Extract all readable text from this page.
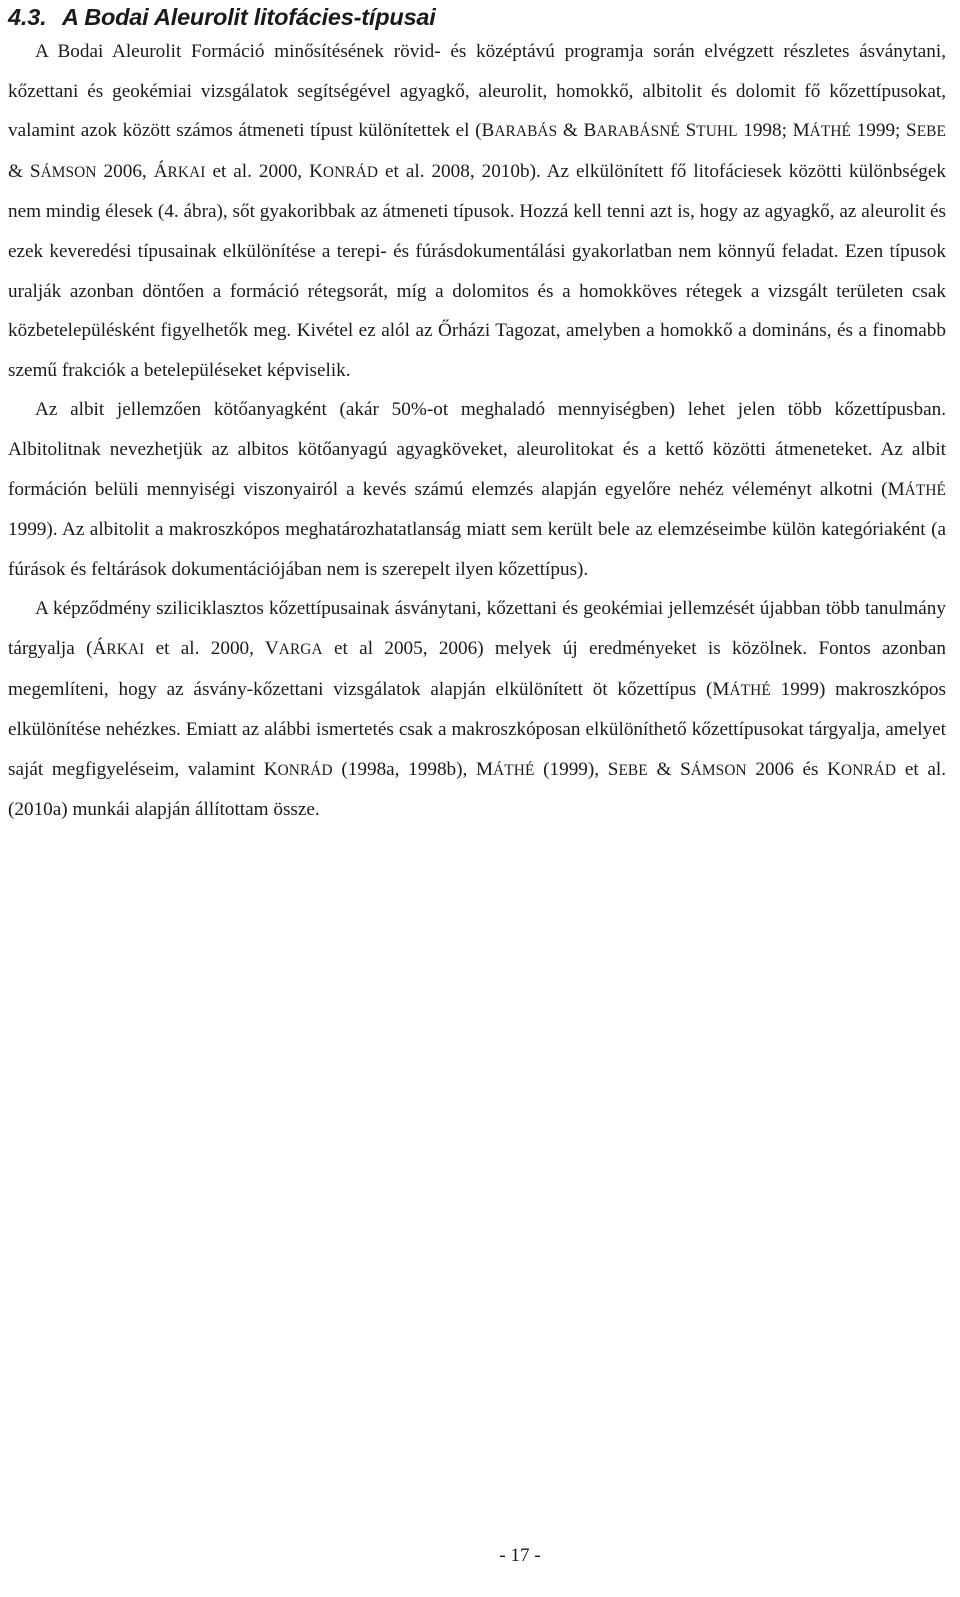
4.3. A Bodai Aleurolit litofácies-típusai

A Bodai Aleurolit Formáció minősítésének rövid- és középtávú programja során elvégzett részletes ásványtani, kőzettani és geokémiai vizsgálatok segítségével agyagkő, aleurolit, homokkő, albitolit és dolomit fő kőzettípusokat, valamint azok között számos átmeneti típust különítettek el (BARABÁS & BARABÁSNÉ STUHL 1998; MÁTHÉ 1999; SEBE & SÁMSON 2006, ÁRKAI et al. 2000, KONRÁD et al. 2008, 2010b). Az elkülönített fő litofáciesek közötti különbségek nem mindig élesek (4. ábra), sőt gyakoribbak az átmeneti típusok. Hozzá kell tenni azt is, hogy az agyagkő, az aleurolit és ezek keveredési típusainak elkülönítése a terepi- és fúrásdokumentálási gyakorlatban nem könnyű feladat. Ezen típusok uralják azonban döntően a formáció rétegsorát, míg a dolomitos és a homokköves rétegek a vizsgált területen csak közbetelepülésként figyelhetők meg. Kivétel ez alól az Őrházi Tagozat, amelyben a homokkő a domináns, és a finomabb szemű frakciók a betelepüléseket képviselik.

Az albit jellemzően kötőanyagként (akár 50%-ot meghaladó mennyiségben) lehet jelen több kőzettípusban. Albitolitnak nevezhetjük az albitos kötőanyagú agyagköveket, aleurolitokat és a kettő közötti átmeneteket. Az albit formáción belüli mennyiségi viszonyairól a kevés számú elemzés alapján egyelőre nehéz véleményt alkotni (MÁTHÉ 1999). Az albitolit a makroszkópos meghatározhatatlanság miatt sem került bele az elemzéseimbe külön kategóriaként (a fúrások és feltárások dokumentációjában nem is szerepelt ilyen kőzettípus).

A képződmény sziliciklasztos kőzettípusainak ásványtani, kőzettani és geokémiai jellemzését újabban több tanulmány tárgyalja (ÁRKAI et al. 2000, VARGA et al 2005, 2006) melyek új eredményeket is közölnek. Fontos azonban megemlíteni, hogy az ásvány-kőzettani vizsgálatok alapján elkülönített öt kőzettípus (MÁTHÉ 1999) makroszkópos elkülönítése nehézkes. Emiatt az alábbi ismertetés csak a makroszkóposan elkülöníthető kőzettípusokat tárgyalja, amelyet saját megfigyeléseim, valamint KONRÁD (1998a, 1998b), MÁTHÉ (1999), SEBE & SÁMSON 2006 és KONRÁD et al. (2010a) munkái alapján állítottam össze.

- 17 -
